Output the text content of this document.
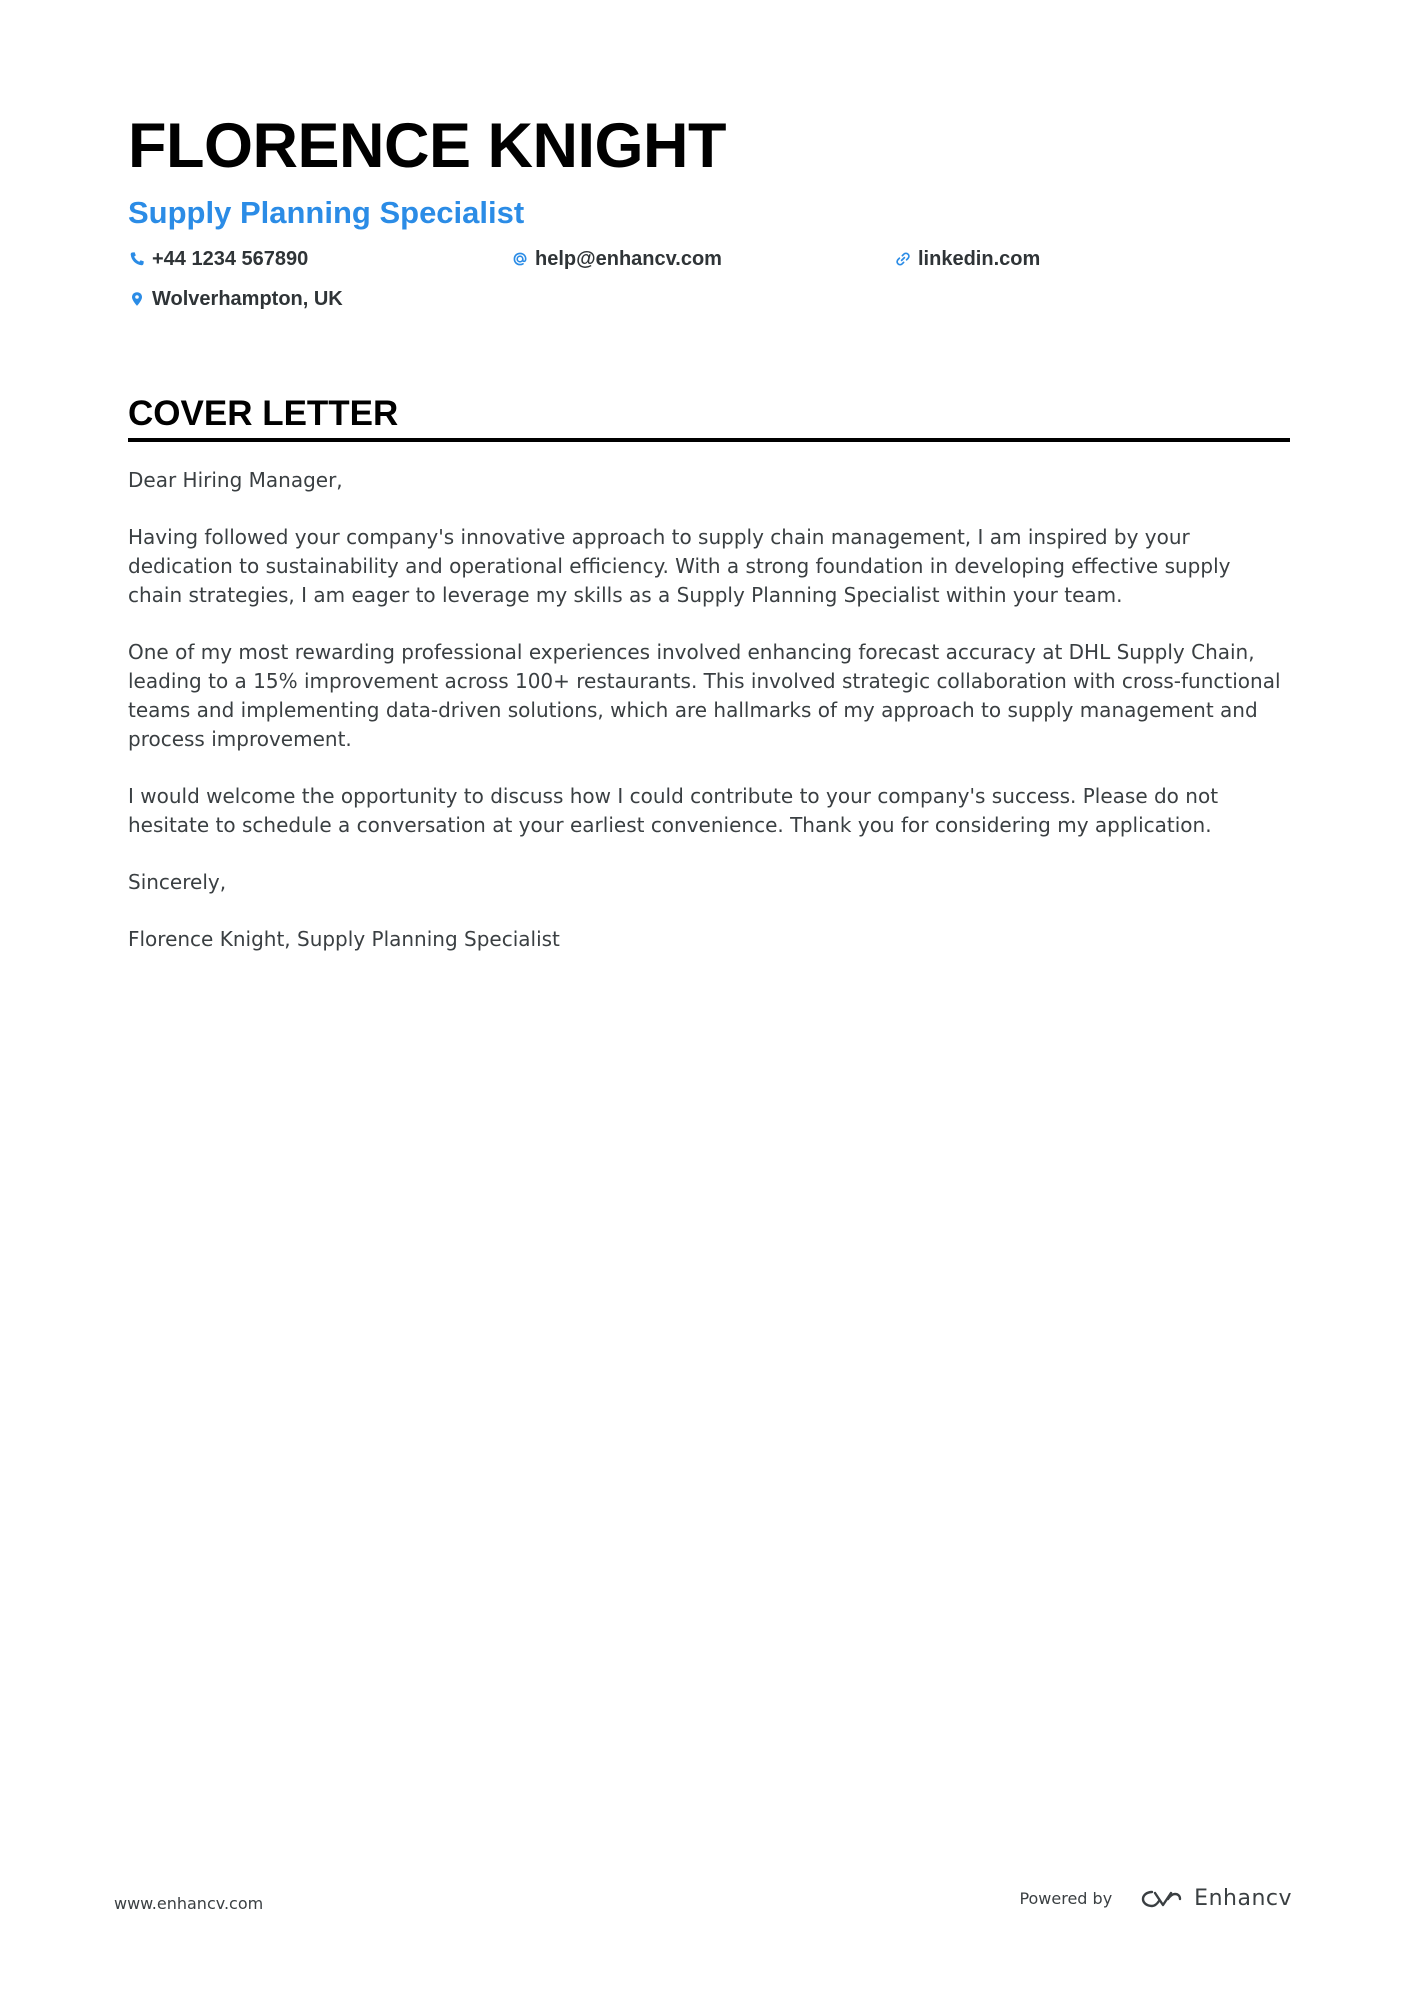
FLORENCE KNIGHT
Supply Planning Specialist
+44 1234 567890	help@enhancv.com	linkedin.com
Wolverhampton, UK
COVER LETTER

Dear Hiring Manager,

Having followed your company's innovative approach to supply chain management, I am inspired by your dedication to sustainability and operational efficiency. With a strong foundation in developing effective supply chain strategies, I am eager to leverage my skills as a Supply Planning Specialist within your team.

One of my most rewarding professional experiences involved enhancing forecast accuracy at DHL Supply Chain, leading to a 15% improvement across 100+ restaurants. This involved strategic collaboration with cross-functional teams and implementing data-driven solutions, which are hallmarks of my approach to supply management and process improvement.

I would welcome the opportunity to discuss how I could contribute to your company's success. Please do not hesitate to schedule a conversation at your earliest convenience. Thank you for considering my application.

Sincerely,

Florence Knight, Supply Planning Specialist

www.enhancv.com	Powered by	Enhancv
